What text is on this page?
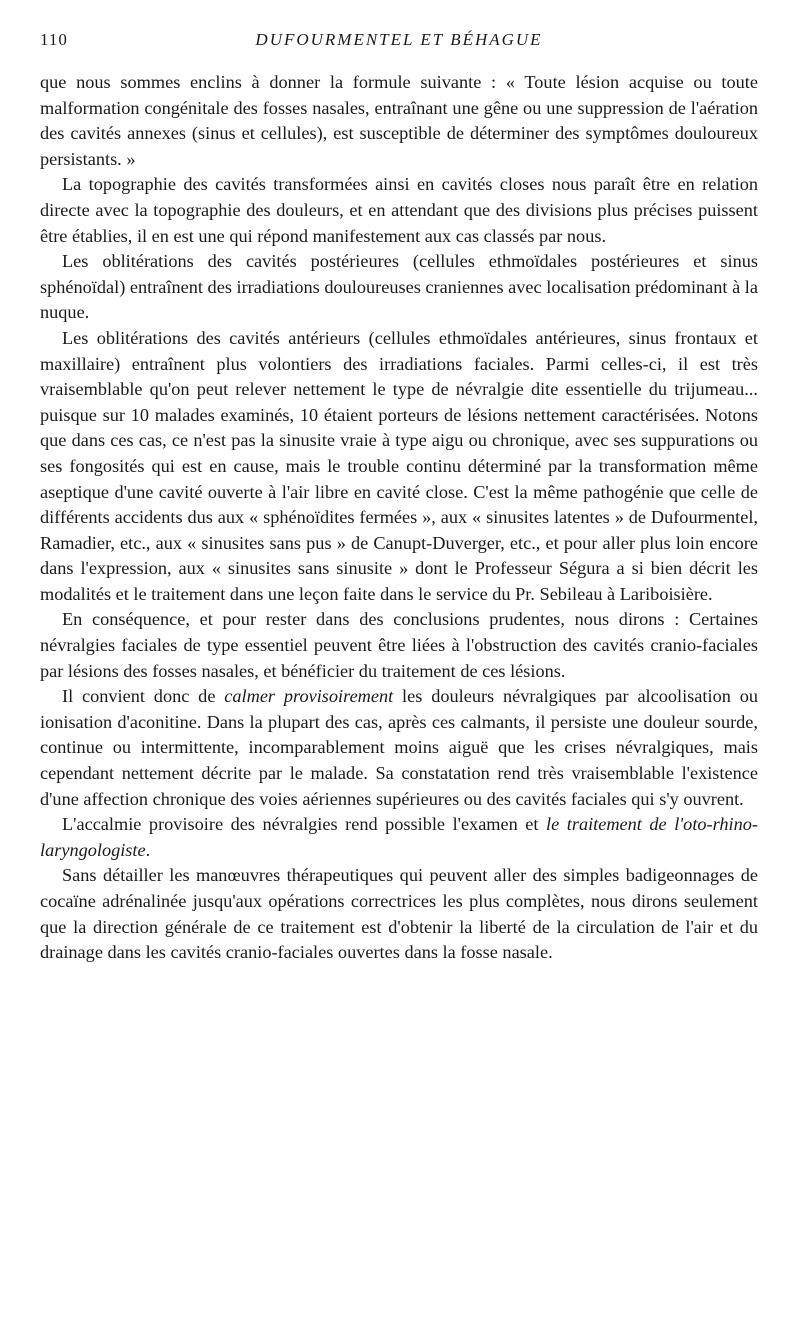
110	DUFOURMENTEL ET BÉHAGUE

que nous sommes enclins à donner la formule suivante : « Toute lésion acquise ou toute malformation congénitale des fosses nasales, entraînant une gêne ou une suppression de l'aération des cavités annexes (sinus et cellules), est susceptible de déterminer des symptômes douloureux persistants. »

La topographie des cavités transformées ainsi en cavités closes nous paraît être en relation directe avec la topographie des douleurs, et en attendant que des divisions plus précises puissent être établies, il en est une qui répond manifestement aux cas classés par nous.

Les oblitérations des cavités postérieures (cellules ethmoïdales postérieures et sinus sphénoïdal) entraînent des irradiations douloureuses craniennes avec localisation prédominant à la nuque.

Les oblitérations des cavités antérieurs (cellules ethmoïdales antérieures, sinus frontaux et maxillaire) entraînent plus volontiers des irradiations faciales. Parmi celles-ci, il est très vraisemblable qu'on peut relever nettement le type de névralgie dite essentielle du trijumeau... puisque sur 10 malades examinés, 10 étaient porteurs de lésions nettement caractérisées. Notons que dans ces cas, ce n'est pas la sinusite vraie à type aigu ou chronique, avec ses suppurations ou ses fongosités qui est en cause, mais le trouble continu déterminé par la transformation même aseptique d'une cavité ouverte à l'air libre en cavité close. C'est la même pathogénie que celle de différents accidents dus aux « sphénoïdites fermées », aux « sinusites latentes » de Dufourmentel, Ramadier, etc., aux « sinusites sans pus » de Canupt-Duverger, etc., et pour aller plus loin encore dans l'expression, aux « sinusites sans sinusite » dont le Professeur Ségura a si bien décrit les modalités et le traitement dans une leçon faite dans le service du Pr. Sebileau à Lariboisière.

En conséquence, et pour rester dans des conclusions prudentes, nous dirons : Certaines névralgies faciales de type essentiel peuvent être liées à l'obstruction des cavités cranio-faciales par lésions des fosses nasales, et bénéficier du traitement de ces lésions.

Il convient donc de calmer provisoirement les douleurs névralgiques par alcoolisation ou ionisation d'aconitine. Dans la plupart des cas, après ces calmants, il persiste une douleur sourde, continue ou intermittente, incomparablement moins aiguë que les crises névralgiques, mais cependant nettement décrite par le malade. Sa constatation rend très vraisemblable l'existence d'une affection chronique des voies aériennes supérieures ou des cavités faciales qui s'y ouvrent.

L'accalmie provisoire des névralgies rend possible l'examen et le traitement de l'oto-rhino-laryngologiste.

Sans détailler les manœuvres thérapeutiques qui peuvent aller des simples badigeonnages de cocaïne adrénalinée jusqu'aux opérations correctrices les plus complètes, nous dirons seulement que la direction générale de ce traitement est d'obtenir la liberté de la circulation de l'air et du drainage dans les cavités cranio-faciales ouvertes dans la fosse nasale.
